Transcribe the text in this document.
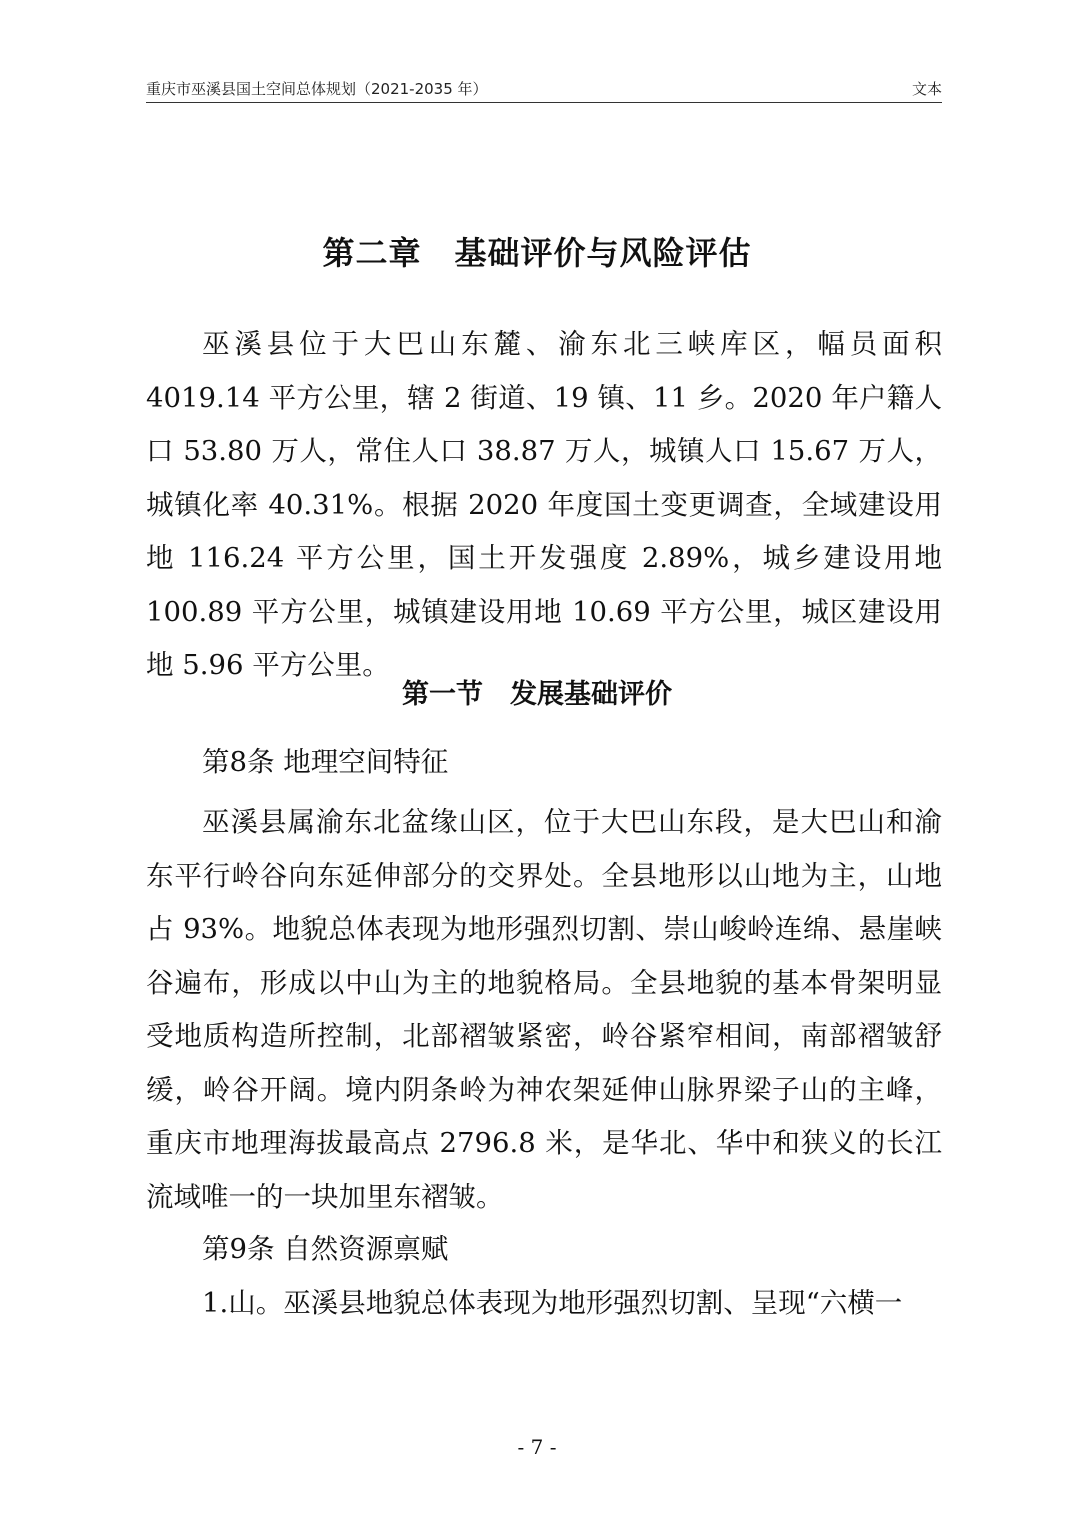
重庆市巫溪县国土空间总体规划（2021-2035 年）	文本
第二章　基础评价与风险评估

巫溪县位于大巴山东麓、渝东北三峡库区，幅员面积 4019.14 平方公里，辖 2 街道、19 镇、11 乡。2020 年户籍人口 53.80 万人，常住人口 38.87 万人，城镇人口 15.67 万人，城镇化率 40.31%。根据 2020 年度国土变更调查，全域建设用地 116.24 平方公里，国土开发强度 2.89%，城乡建设用地 100.89 平方公里，城镇建设用地 10.69 平方公里，城区建设用地 5.96 平方公里。

第一节　发展基础评价
第8条 地理空间特征

巫溪县属渝东北盆缘山区，位于大巴山东段，是大巴山和渝东平行岭谷向东延伸部分的交界处。全县地形以山地为主，山地占 93%。地貌总体表现为地形强烈切割、崇山峻岭连绵、悬崖峡谷遍布，形成以中山为主的地貌格局。全县地貌的基本骨架明显受地质构造所控制，北部褶皱紧密，岭谷紧窄相间，南部褶皱舒缓，岭谷开阔。境内阴条岭为神农架延伸山脉界梁子山的主峰，重庆市地理海拔最高点 2796.8 米，是华北、华中和狭义的长江流域唯一的一块加里东褶皱。

第9条 自然资源禀赋
1.山。巫溪县地貌总体表现为地形强烈切割、呈现“六横一
- 7 -
